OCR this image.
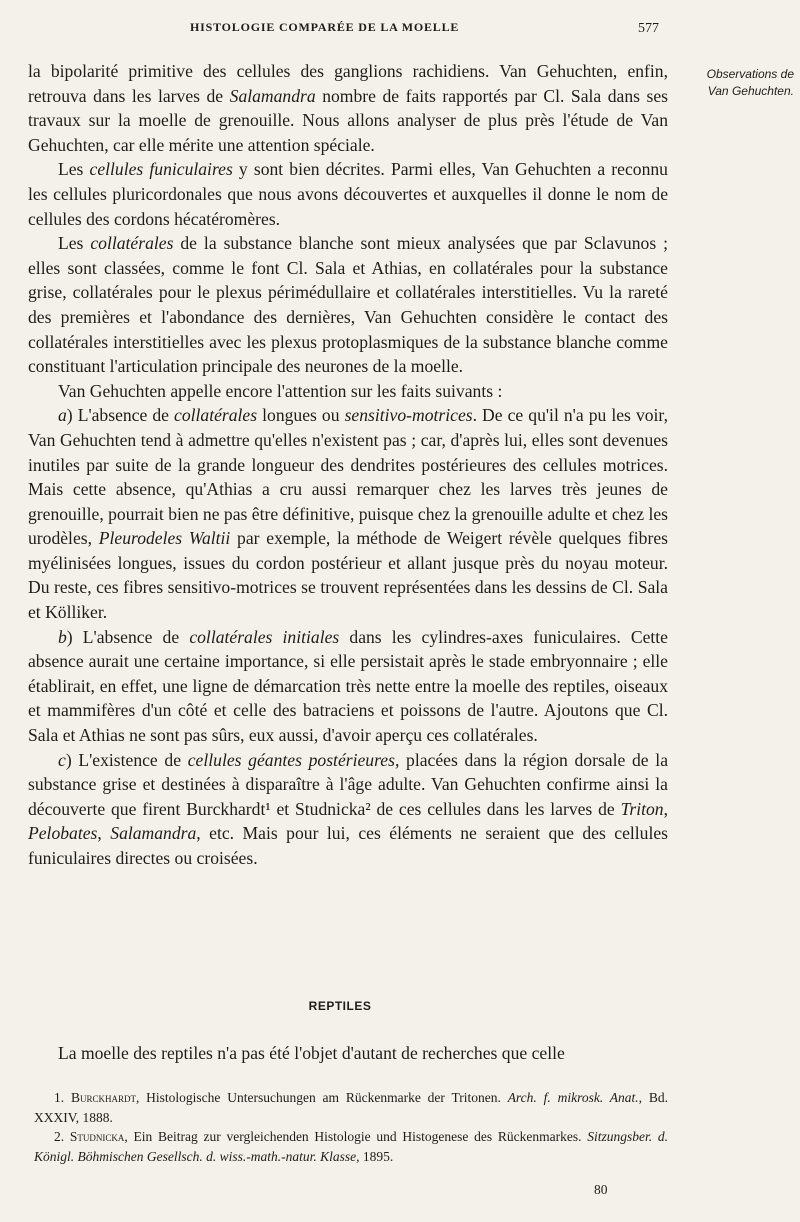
HISTOLOGIE COMPARÉE DE LA MOELLE	577

la bipolarité primitive des cellules des ganglions rachidiens. Van Gehuchten, enfin, retrouva dans les larves de Salamandra nombre de faits rapportés par Cl. Sala dans ses travaux sur la moelle de grenouille. Nous allons analyser de plus près l'étude de Van Gehuchten, car elle mérite une attention spéciale.

Les cellules funiculaires y sont bien décrites. Parmi elles, Van Gehuchten a reconnu les cellules pluricordonales que nous avons découvertes et auxquelles il donne le nom de cellules des cordons hécatéromères.

Les collatérales de la substance blanche sont mieux analysées que par Sclavunos ; elles sont classées, comme le font Cl. Sala et Athias, en collatérales pour la substance grise, collatérales pour le plexus périmédullaire et collatérales interstitielles. Vu la rareté des premières et l'abondance des dernières, Van Gehuchten considère le contact des collatérales interstitielles avec les plexus protoplasmiques de la substance blanche comme constituant l'articulation principale des neurones de la moelle.

Van Gehuchten appelle encore l'attention sur les faits suivants :

a) L'absence de collatérales longues ou sensitivo-motrices. De ce qu'il n'a pu les voir, Van Gehuchten tend à admettre qu'elles n'existent pas ; car, d'après lui, elles sont devenues inutiles par suite de la grande longueur des dendrites postérieures des cellules motrices. Mais cette absence, qu'Athias a cru aussi remarquer chez les larves très jeunes de grenouille, pourrait bien ne pas être définitive, puisque chez la grenouille adulte et chez les urodèles, Pleurodeles Waltii par exemple, la méthode de Weigert révèle quelques fibres myélinisées longues, issues du cordon postérieur et allant jusque près du noyau moteur. Du reste, ces fibres sensitivo-motrices se trouvent représentées dans les dessins de Cl. Sala et Kölliker.

b) L'absence de collatérales initiales dans les cylindres-axes funiculaires. Cette absence aurait une certaine importance, si elle persistait après le stade embryonnaire ; elle établirait, en effet, une ligne de démarcation très nette entre la moelle des reptiles, oiseaux et mammifères d'un côté et celle des batraciens et poissons de l'autre. Ajoutons que Cl. Sala et Athias ne sont pas sûrs, eux aussi, d'avoir aperçu ces collatérales.

c) L'existence de cellules géantes postérieures, placées dans la région dorsale de la substance grise et destinées à disparaître à l'âge adulte. Van Gehuchten confirme ainsi la découverte que firent Burckhardt¹ et Studnicka² de ces cellules dans les larves de Triton, Pelobates, Salamandra, etc. Mais pour lui, ces éléments ne seraient que des cellules funiculaires directes ou croisées.

Observations de Van Gehuchten.
REPTILES
La moelle des reptiles n'a pas été l'objet d'autant de recherches que celle

1. Burckhardt, Histologische Untersuchungen am Rückenmarke der Tritonen. Arch. f. mikrosk. Anat., Bd. XXXIV, 1888.

2. Studnicka, Ein Beitrag zur vergleichenden Histologie und Histogenese des Rückenmarkes. Sitzungsber. d. Königl. Böhmischen Gesellsch. d. wiss.-math.-natur. Klasse, 1895.

80
